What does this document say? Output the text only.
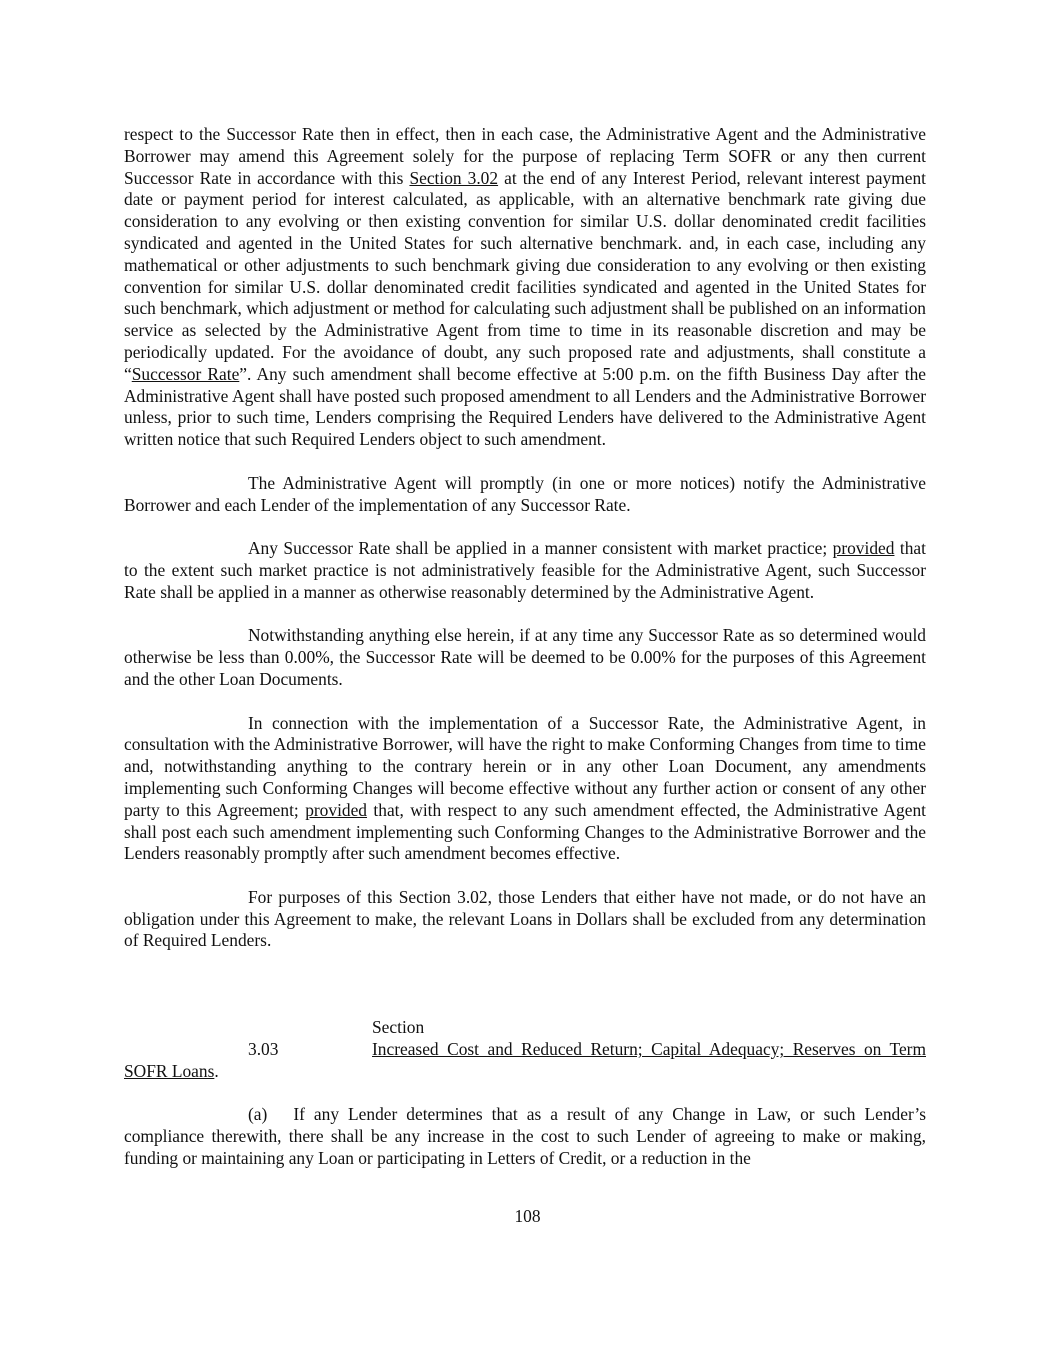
respect to the Successor Rate then in effect, then in each case, the Administrative Agent and the Administrative Borrower may amend this Agreement solely for the purpose of replacing Term SOFR or any then current Successor Rate in accordance with this Section 3.02 at the end of any Interest Period, relevant interest payment date or payment period for interest calculated, as applicable, with an alternative benchmark rate giving due consideration to any evolving or then existing convention for similar U.S. dollar denominated credit facilities syndicated and agented in the United States for such alternative benchmark. and, in each case, including any mathematical or other adjustments to such benchmark giving due consideration to any evolving or then existing convention for similar U.S. dollar denominated credit facilities syndicated and agented in the United States for such benchmark, which adjustment or method for calculating such adjustment shall be published on an information service as selected by the Administrative Agent from time to time in its reasonable discretion and may be periodically updated. For the avoidance of doubt, any such proposed rate and adjustments, shall constitute a “Successor Rate”. Any such amendment shall become effective at 5:00 p.m. on the fifth Business Day after the Administrative Agent shall have posted such proposed amendment to all Lenders and the Administrative Borrower unless, prior to such time, Lenders comprising the Required Lenders have delivered to the Administrative Agent written notice that such Required Lenders object to such amendment.

The Administrative Agent will promptly (in one or more notices) notify the Administrative Borrower and each Lender of the implementation of any Successor Rate.

Any Successor Rate shall be applied in a manner consistent with market practice; provided that to the extent such market practice is not administratively feasible for the Administrative Agent, such Successor Rate shall be applied in a manner as otherwise reasonably determined by the Administrative Agent.

Notwithstanding anything else herein, if at any time any Successor Rate as so determined would otherwise be less than 0.00%, the Successor Rate will be deemed to be 0.00% for the purposes of this Agreement and the other Loan Documents.

In connection with the implementation of a Successor Rate, the Administrative Agent, in consultation with the Administrative Borrower, will have the right to make Conforming Changes from time to time and, notwithstanding anything to the contrary herein or in any other Loan Document, any amendments implementing such Conforming Changes will become effective without any further action or consent of any other party to this Agreement; provided that, with respect to any such amendment effected, the Administrative Agent shall post each such amendment implementing such Conforming Changes to the Administrative Borrower and the Lenders reasonably promptly after such amendment becomes effective.

For purposes of this Section 3.02, those Lenders that either have not made, or do not have an obligation under this Agreement to make, the relevant Loans in Dollars shall be excluded from any determination of Required Lenders.

Section 3.03	Increased Cost and Reduced Return; Capital Adequacy; Reserves on Term SOFR Loans.

(a) If any Lender determines that as a result of any Change in Law, or such Lender’s compliance therewith, there shall be any increase in the cost to such Lender of agreeing to make or making, funding or maintaining any Loan or participating in Letters of Credit, or a reduction in the

108
